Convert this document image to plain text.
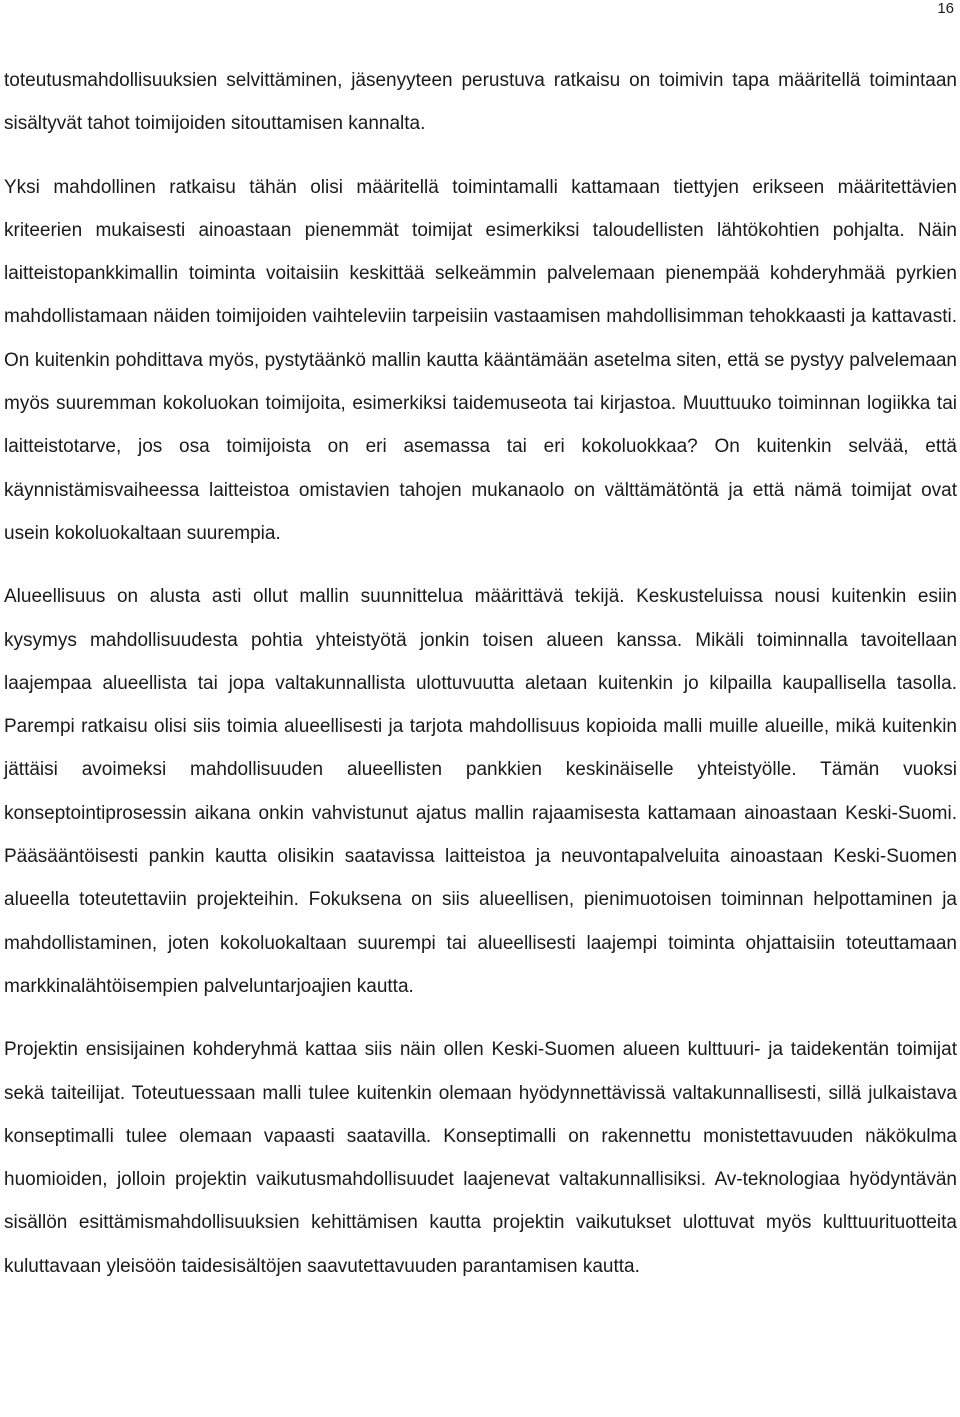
16

toteutusmahdollisuuksien selvittäminen, jäsenyyteen perustuva ratkaisu on toimivin tapa määritellä toimintaan sisältyvät tahot toimijoiden sitouttamisen kannalta.

Yksi mahdollinen ratkaisu tähän olisi määritellä toimintamalli kattamaan tiettyjen erikseen määritettävien kriteerien mukaisesti ainoastaan pienemmät toimijat esimerkiksi taloudellisten lähtökohtien pohjalta. Näin laitteistopankkimallin toiminta voitaisiin keskittää selkeämmin palvelemaan pienempää kohderyhmää pyrkien mahdollistamaan näiden toimijoiden vaihteleviin tarpeisiin vastaamisen mahdollisimman tehokkaasti ja kattavasti. On kuitenkin pohdittava myös, pystytäänkö mallin kautta kääntämään asetelma siten, että se pystyy palvelemaan myös suuremman kokoluokan toimijoita, esimerkiksi taidemuseota tai kirjastoa. Muuttuuko toiminnan logiikka tai laitteistotarve, jos osa toimijoista on eri asemassa tai eri kokoluokkaa? On kuitenkin selvää, että käynnistämisvaiheessa laitteistoa omistavien tahojen mukanaolo on välttämätöntä ja että nämä toimijat ovat usein kokoluokaltaan suurempia.

Alueellisuus on alusta asti ollut mallin suunnittelua määrittävä tekijä. Keskusteluissa nousi kuitenkin esiin kysymys mahdollisuudesta pohtia yhteistyötä jonkin toisen alueen kanssa. Mikäli toiminnalla tavoitellaan laajempaa alueellista tai jopa valtakunnallista ulottuvuutta aletaan kuitenkin jo kilpailla kaupallisella tasolla. Parempi ratkaisu olisi siis toimia alueellisesti ja tarjota mahdollisuus kopioida malli muille alueille, mikä kuitenkin jättäisi avoimeksi mahdollisuuden alueellisten pankkien keskinäiselle yhteistyölle. Tämän vuoksi konseptointiprosessin aikana onkin vahvistunut ajatus mallin rajaamisesta kattamaan ainoastaan Keski-Suomi. Pääsääntöisesti pankin kautta olisikin saatavissa laitteistoa ja neuvontapalveluita ainoastaan Keski-Suomen alueella toteutettaviin projekteihin. Fokuksena on siis alueellisen, pienimuotoisen toiminnan helpottaminen ja mahdollistaminen, joten kokoluokaltaan suurempi tai alueellisesti laajempi toiminta ohjattaisiin toteuttamaan markkinalähtöisempien palveluntarjoajien kautta.

Projektin ensisijainen kohderyhmä kattaa siis näin ollen Keski-Suomen alueen kulttuuri- ja taidekentän toimijat sekä taiteilijat. Toteutuessaan malli tulee kuitenkin olemaan hyödynnettävissä valtakunnallisesti, sillä julkaistava konseptimalli tulee olemaan vapaasti saatavilla. Konseptimalli on rakennettu monistettavuuden näkökulma huomioiden, jolloin projektin vaikutusmahdollisuudet laajenevat valtakunnallisiksi. Av-teknologiaa hyödyntävän sisällön esittämismahdollisuuksien kehittämisen kautta projektin vaikutukset ulottuvat myös kulttuurituotteita kuluttavaan yleisöön taidesisältöjen saavutettavuuden parantamisen kautta.
